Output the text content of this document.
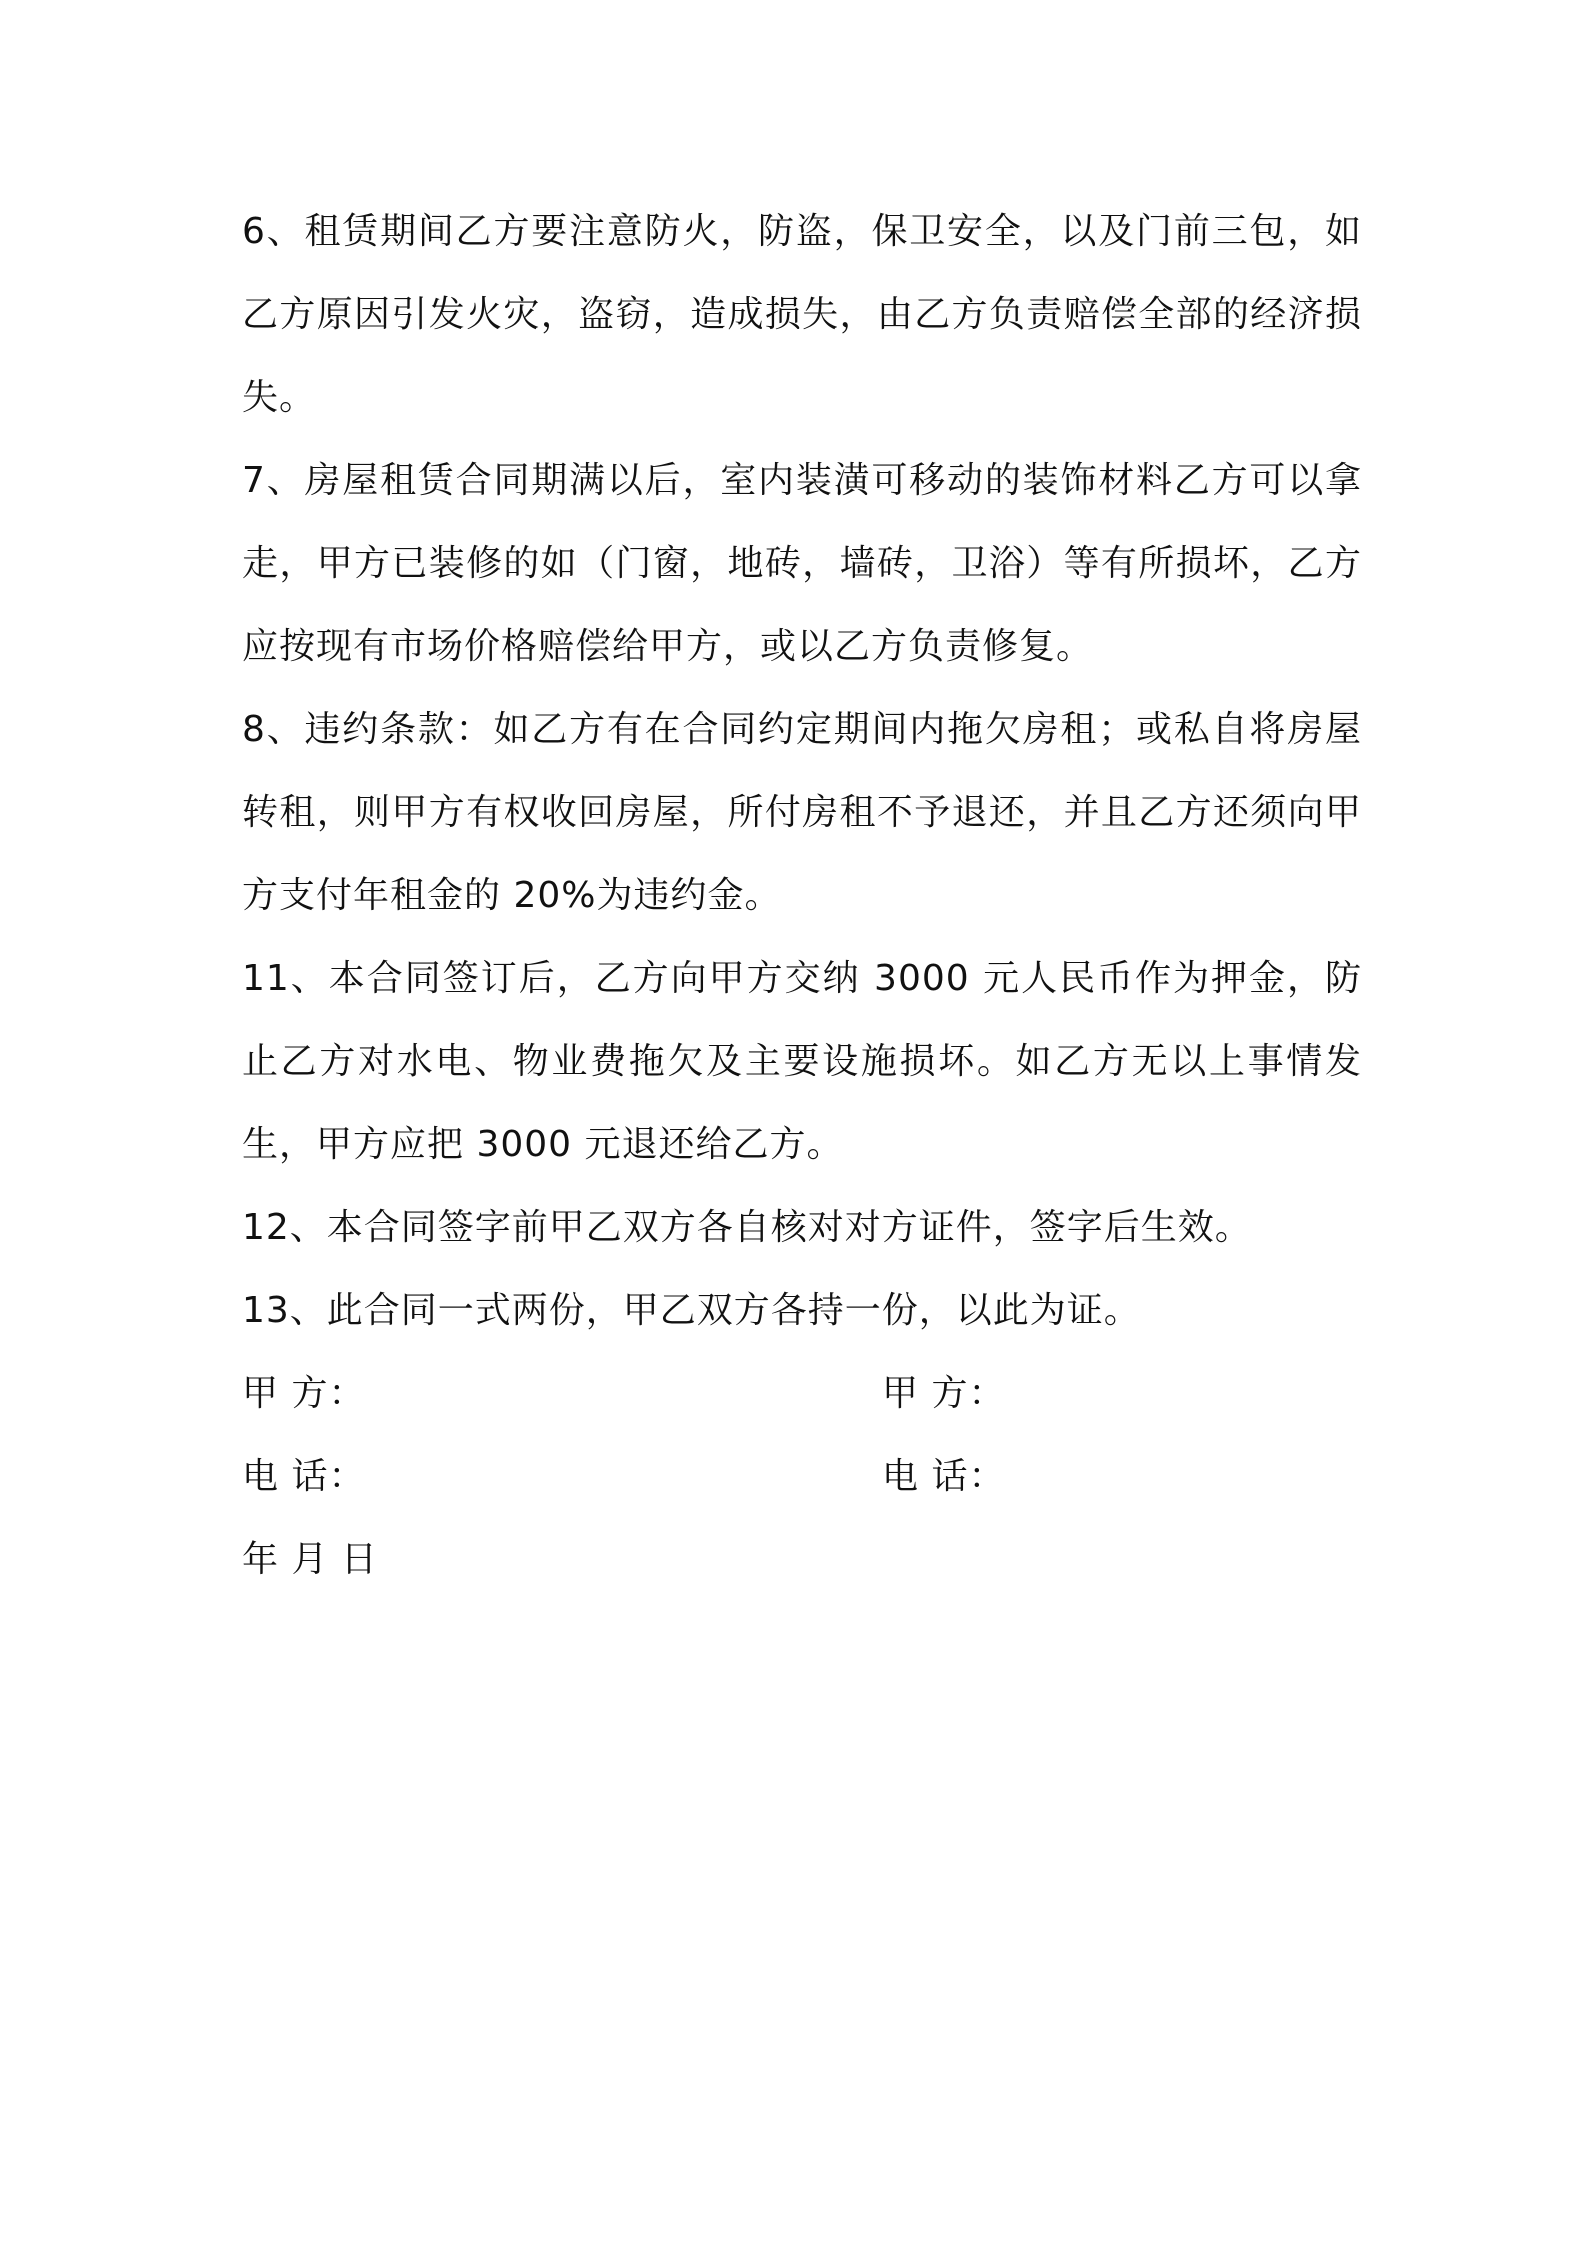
6、租赁期间乙方要注意防火，防盗，保卫安全，以及门前三包，如乙方原因引发火灾，盗窃，造成损失，由乙方负责赔偿全部的经济损失。

7、房屋租赁合同期满以后，室内装潢可移动的装饰材料乙方可以拿走，甲方已装修的如（门窗，地砖，墙砖，卫浴）等有所损坏，乙方应按现有市场价格赔偿给甲方，或以乙方负责修复。

8、违约条款：如乙方有在合同约定期间内拖欠房租；或私自将房屋转租，则甲方有权收回房屋，所付房租不予退还，并且乙方还须向甲方支付年租金的 20%为违约金。

11、本合同签订后，乙方向甲方交纳 3000 元人民币作为押金，防止乙方对水电、物业费拖欠及主要设施损坏。如乙方无以上事情发生，甲方应把 3000 元退还给乙方。

12、本合同签字前甲乙双方各自核对对方证件，签字后生效。

13、此合同一式两份，甲乙双方各持一份，以此为证。

甲 方：	甲 方：
电 话：	电 话：
年 月 日
